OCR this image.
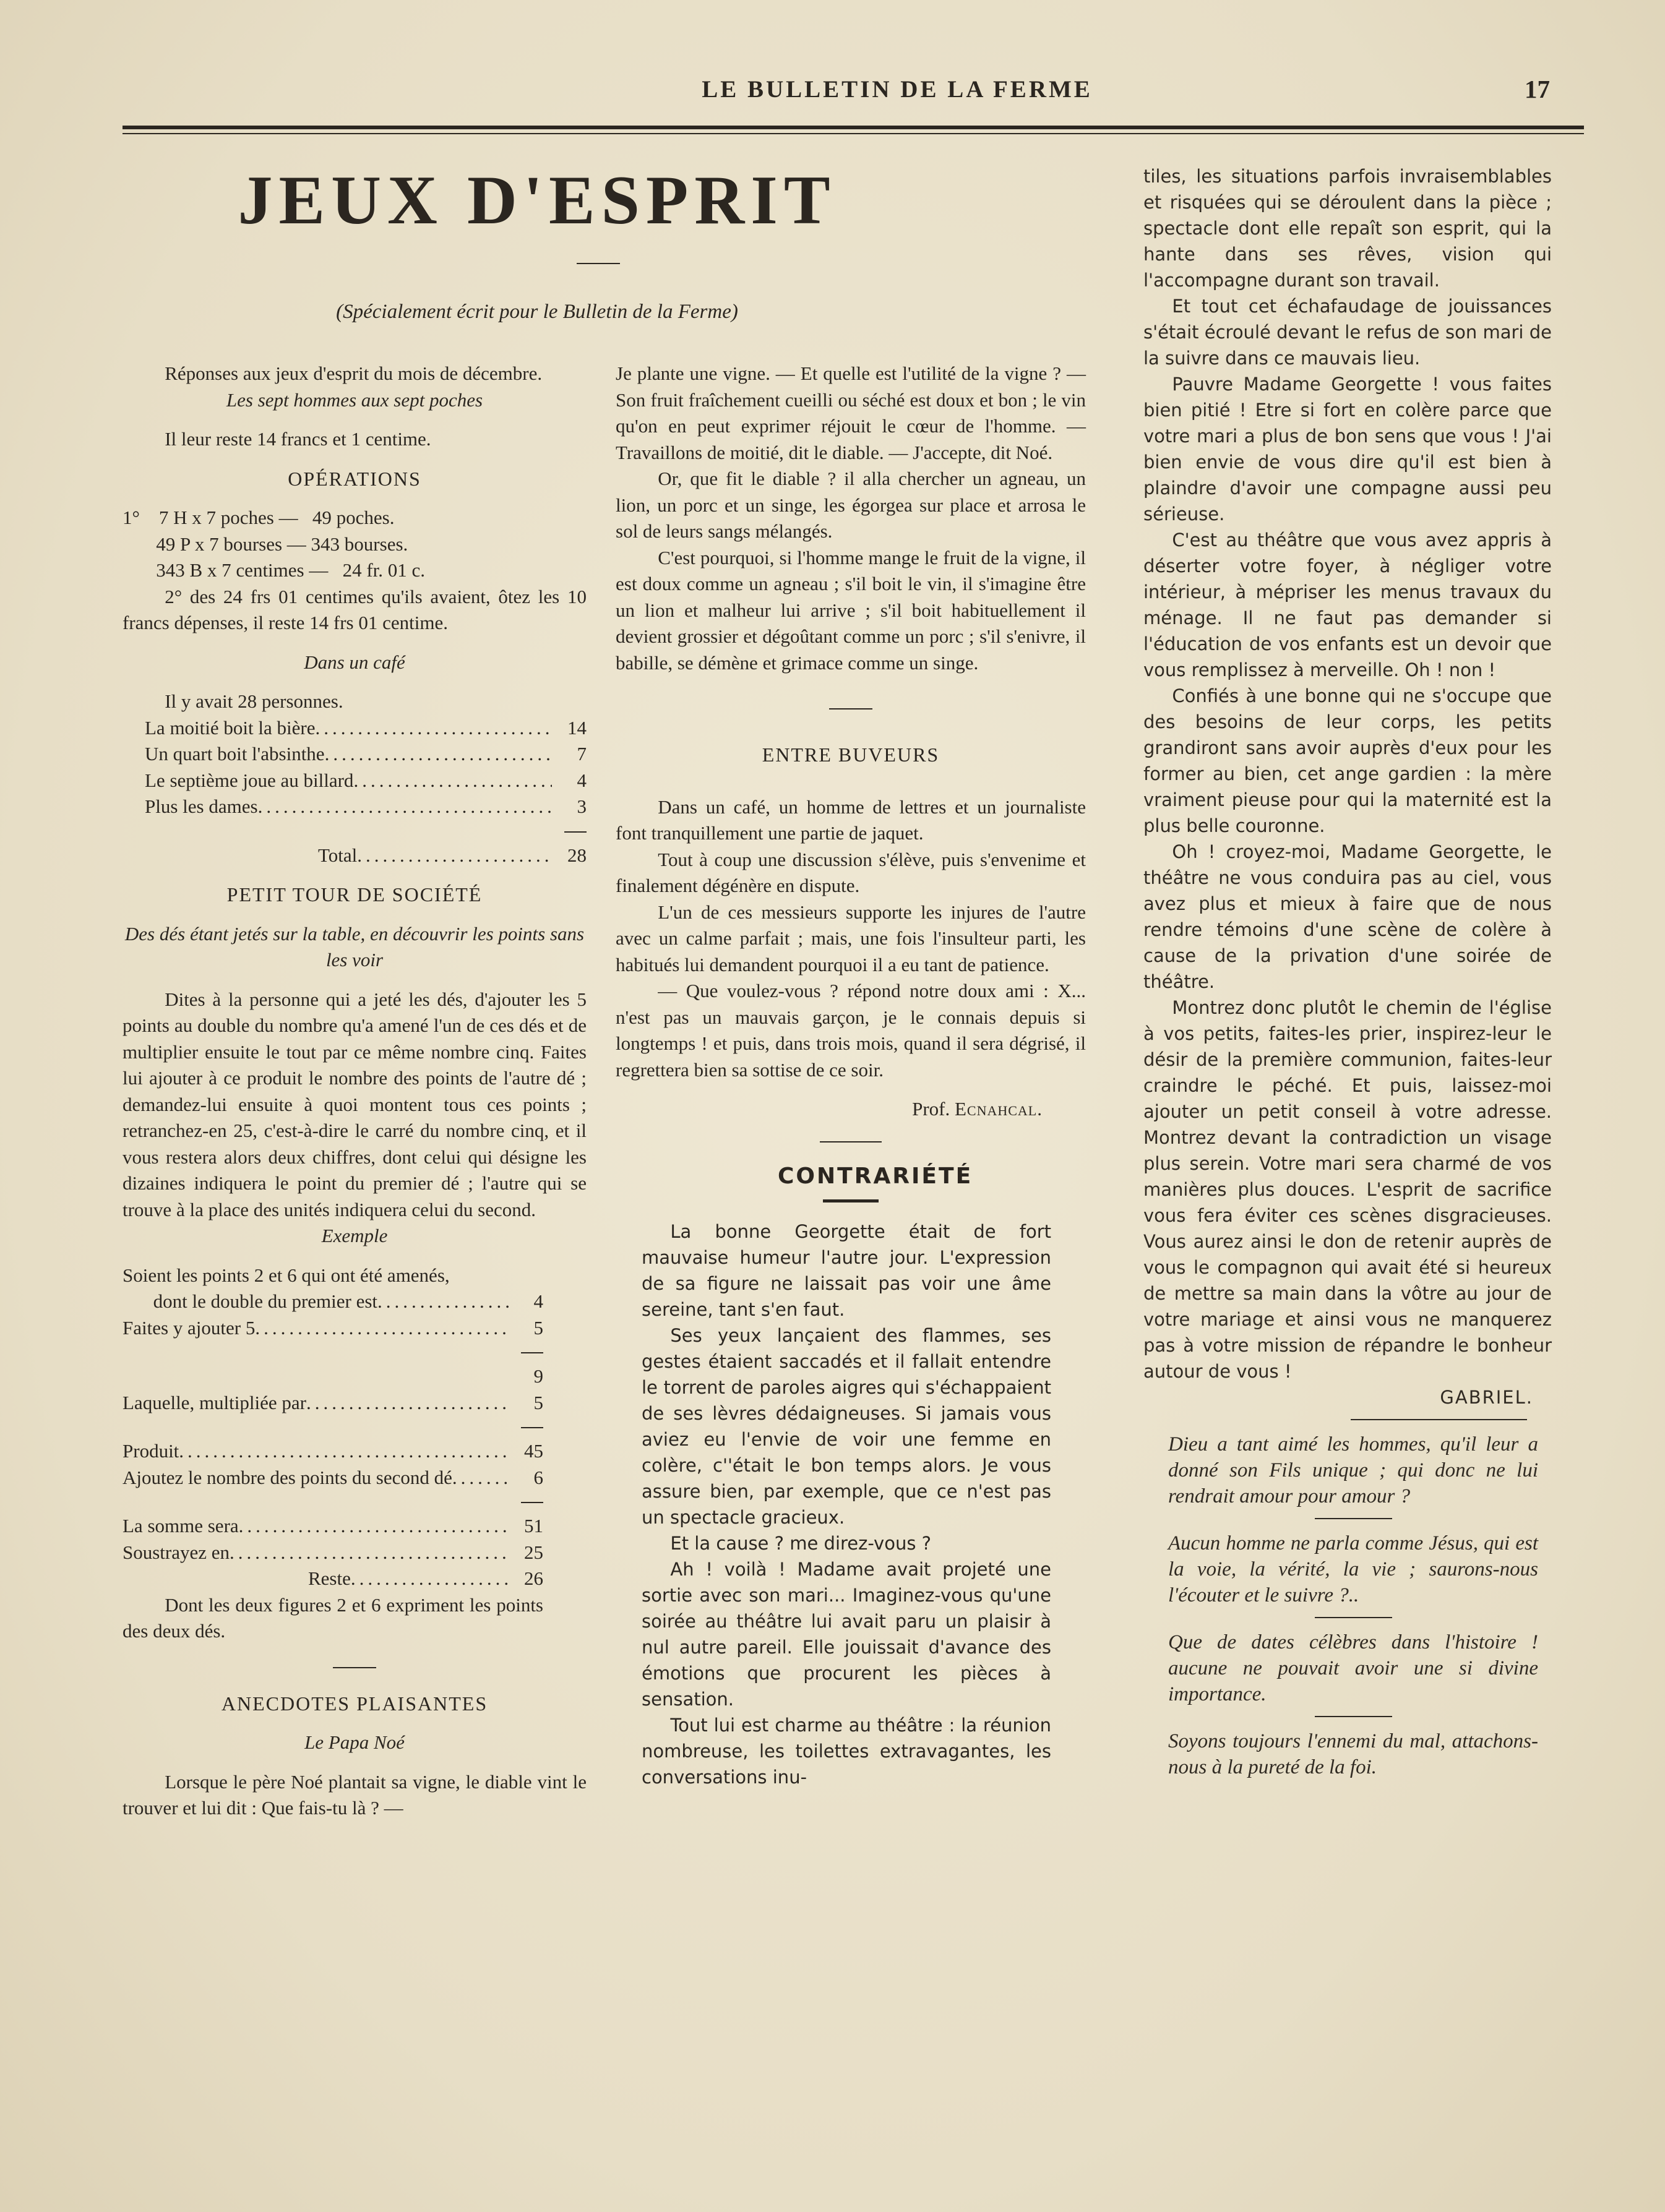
LE BULLETIN DE LA FERME	17
JEUX D'ESPRIT
(Spécialement écrit pour le Bulletin de la Ferme)

Réponses aux jeux d'esprit du mois de décembre.

Les sept hommes aux sept poches

Il leur reste 14 francs et 1 centime.

OPÉRATIONS

1°    7 H x 7 poches —   49 poches.
49 P x 7 bourses — 343 bourses.
343 B x 7 centimes —   24 fr. 01 c.

2° des 24 frs 01 centimes qu'ils avaient, ôtez les 10 francs dépenses, il reste 14 frs 01 centime.

Dans un café

Il y avait 28 personnes.

La moitié boit la bière .....	14
Un quart boit l'absinthe .....	7
Le septième joue au billard .....	4
Plus les dames .....	3
Total .....	28

PETIT TOUR DE SOCIÉTÉ

Des dés étant jetés sur la table, en découvrir les points sans les voir

Dites à la personne qui a jeté les dés, d'ajouter les 5 points au double du nombre qu'a amené l'un de ces dés et de multiplier ensuite le tout par ce même nombre cinq. Faites lui ajouter à ce produit le nombre des points de l'autre dé ; demandez-lui ensuite à quoi montent tous ces points ; retranchez-en 25, c'est-à-dire le carré du nombre cinq, et il vous restera alors deux chiffres, dont celui qui désigne les dizaines indiquera le point du premier dé ; l'autre qui se trouve à la place des unités indiquera celui du second.

Exemple

Soient les points 2 et 6 qui ont été amenés,

dont le double du premier est .....	4
Faites y ajouter 5 .....	5
9
Laquelle, multipliée par .....	5
Produit .....	45
Ajoutez le nombre des points du second dé .....	6
La somme sera .....	51
Soustrayez en .....	25
Reste .....	26

Dont les deux figures 2 et 6 expriment les points des deux dés.

ANECDOTES PLAISANTES

Le Papa Noé

Lorsque le père Noé plantait sa vigne, le diable vint le trouver et lui dit : Que fais-tu là ? —

Je plante une vigne. — Et quelle est l'utilité de la vigne ? — Son fruit fraîchement cueilli ou séché est doux et bon ; le vin qu'on en peut exprimer réjouit le cœur de l'homme. — Travaillons de moitié, dit le diable. — J'accepte, dit Noé.

Or, que fit le diable ? il alla chercher un agneau, un lion, un porc et un singe, les égorgea sur place et arrosa le sol de leurs sangs mélangés.

C'est pourquoi, si l'homme mange le fruit de la vigne, il est doux comme un agneau ; s'il boit le vin, il s'imagine être un lion et malheur lui arrive ; s'il boit habituellement il devient grossier et dégoûtant comme un porc ; s'il s'enivre, il babille, se démène et grimace comme un singe.

ENTRE BUVEURS

Dans un café, un homme de lettres et un journaliste font tranquillement une partie de jaquet.

Tout à coup une discussion s'élève, puis s'envenime et finalement dégénère en dispute.

L'un de ces messieurs supporte les injures de l'autre avec un calme parfait ; mais, une fois l'insulteur parti, les habitués lui demandent pourquoi il a eu tant de patience.

— Que voulez-vous ? répond notre doux ami : X... n'est pas un mauvais garçon, je le connais depuis si longtemps ! et puis, dans trois mois, quand il sera dégrisé, il regrettera bien sa sottise de ce soir.

Prof. Ecnahcal.

CONTRARIÉTÉ

La bonne Georgette était de fort mauvaise humeur l'autre jour. L'expression de sa figure ne laissait pas voir une âme sereine, tant s'en faut.

Ses yeux lançaient des flammes, ses gestes étaient saccadés et il fallait entendre le torrent de paroles aigres qui s'échappaient de ses lèvres dédaigneuses. Si jamais vous aviez eu l'envie de voir une femme en colère, c''était le bon temps alors. Je vous assure bien, par exemple, que ce n'est pas un spectacle gracieux.

Et la cause ? me direz-vous ?

Ah ! voilà ! Madame avait projeté une sortie avec son mari... Imaginez-vous qu'une soirée au théâtre lui avait paru un plaisir à nul autre pareil. Elle jouissait d'avance des émotions que procurent les pièces à sensation.

Tout lui est charme au théâtre : la réunion nombreuse, les toilettes extravagantes, les conversations inu-

tiles, les situations parfois invraisemblables et risquées qui se déroulent dans la pièce ; spectacle dont elle repaît son esprit, qui la hante dans ses rêves, vision qui l'accompagne durant son travail.

Et tout cet échafaudage de jouissances s'était écroulé devant le refus de son mari de la suivre dans ce mauvais lieu.

Pauvre Madame Georgette ! vous faites bien pitié ! Etre si fort en colère parce que votre mari a plus de bon sens que vous ! J'ai bien envie de vous dire qu'il est bien à plaindre d'avoir une compagne aussi peu sérieuse.

C'est au théâtre que vous avez appris à déserter votre foyer, à négliger votre intérieur, à mépriser les menus travaux du ménage. Il ne faut pas demander si l'éducation de vos enfants est un devoir que vous remplissez à merveille. Oh ! non !

Confiés à une bonne qui ne s'occupe que des besoins de leur corps, les petits grandiront sans avoir auprès d'eux pour les former au bien, cet ange gardien : la mère vraiment pieuse pour qui la maternité est la plus belle couronne.

Oh ! croyez-moi, Madame Georgette, le théâtre ne vous conduira pas au ciel, vous avez plus et mieux à faire que de nous rendre témoins d'une scène de colère à cause de la privation d'une soirée de théâtre.

Montrez donc plutôt le chemin de l'église à vos petits, faites-les prier, inspirez-leur le désir de la première communion, faites-leur craindre le péché. Et puis, laissez-moi ajouter un petit conseil à votre adresse. Montrez devant la contradiction un visage plus serein. Votre mari sera charmé de vos manières plus douces. L'esprit de sacrifice vous fera éviter ces scènes disgracieuses. Vous aurez ainsi le don de retenir auprès de vous le compagnon qui avait été si heureux de mettre sa main dans la vôtre au jour de votre mariage et ainsi vous ne manquerez pas à votre mission de répandre le bonheur autour de vous !

GABRIEL.

Dieu a tant aimé les hommes, qu'il leur a donné son Fils unique ; qui donc ne lui rendrait amour pour amour ?

Aucun homme ne parla comme Jésus, qui est la voie, la vérité, la vie ; saurons-nous l'écouter et le suivre ?..

Que de dates célèbres dans l'histoire ! aucune ne pouvait avoir une si divine importance.

Soyons toujours l'ennemi du mal, attachons-nous à la pureté de la foi.
